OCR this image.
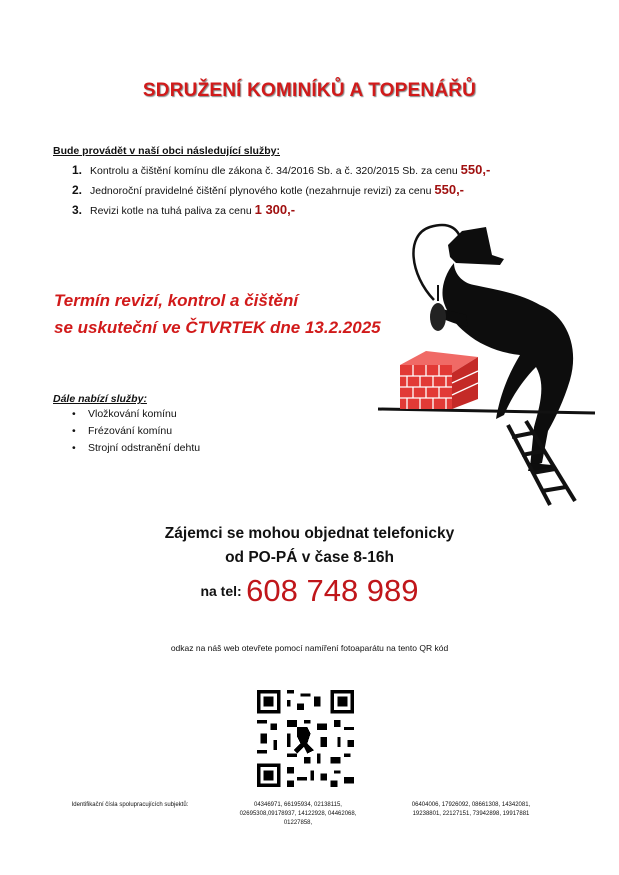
SDRUŽENÍ KOMINÍKŮ A TOPENÁŘŮ
Bude provádět v naší obci následující služby:
1. Kontrolu a čištění komínu dle zákona č. 34/2016 Sb. a č. 320/2015 Sb. za cenu 550,-
2. Jednoroční pravidelné čištění plynového kotle (nezahrnuje revizi) za cenu 550,-
3. Revizi kotle na tuhá paliva za cenu 1 300,-
Termín revizí, kontrol a čištění
se uskuteční ve ČTVRTEK dne 13.2.2025
Dále nabízí služby:
• Vložkování komínu
• Frézování komínu
• Strojní odstranění dehtu
Zájemci se mohou objednat telefonicky
od PO-PÁ v čase 8-16h
na tel: 608 748 989
odkaz na náš web otevřete pomocí namíření fotoaparátu na tento QR kód
Identifikační čísla spolupracujících subjektů:	04346971, 66195934, 02138115, 02695308,09178937, 14122928, 04462068, 01227858,
06404006, 17926092, 08661308, 14342081, 19238801, 22127151, 73942898, 19917881
